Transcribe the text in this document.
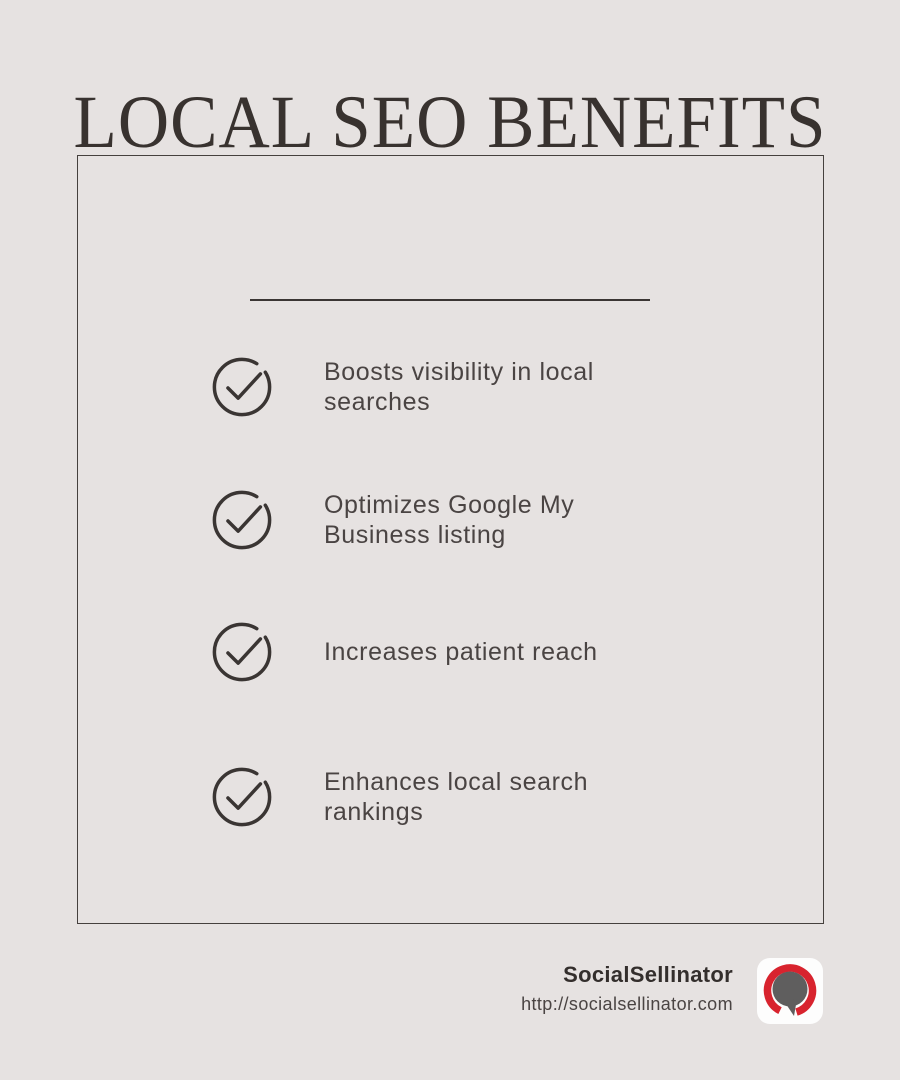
LOCAL SEO BENEFITS
Boosts visibility in local
searches
Optimizes Google My
Business listing
Increases patient reach
Enhances local search
rankings
SocialSellinator
http://socialsellinator.com
